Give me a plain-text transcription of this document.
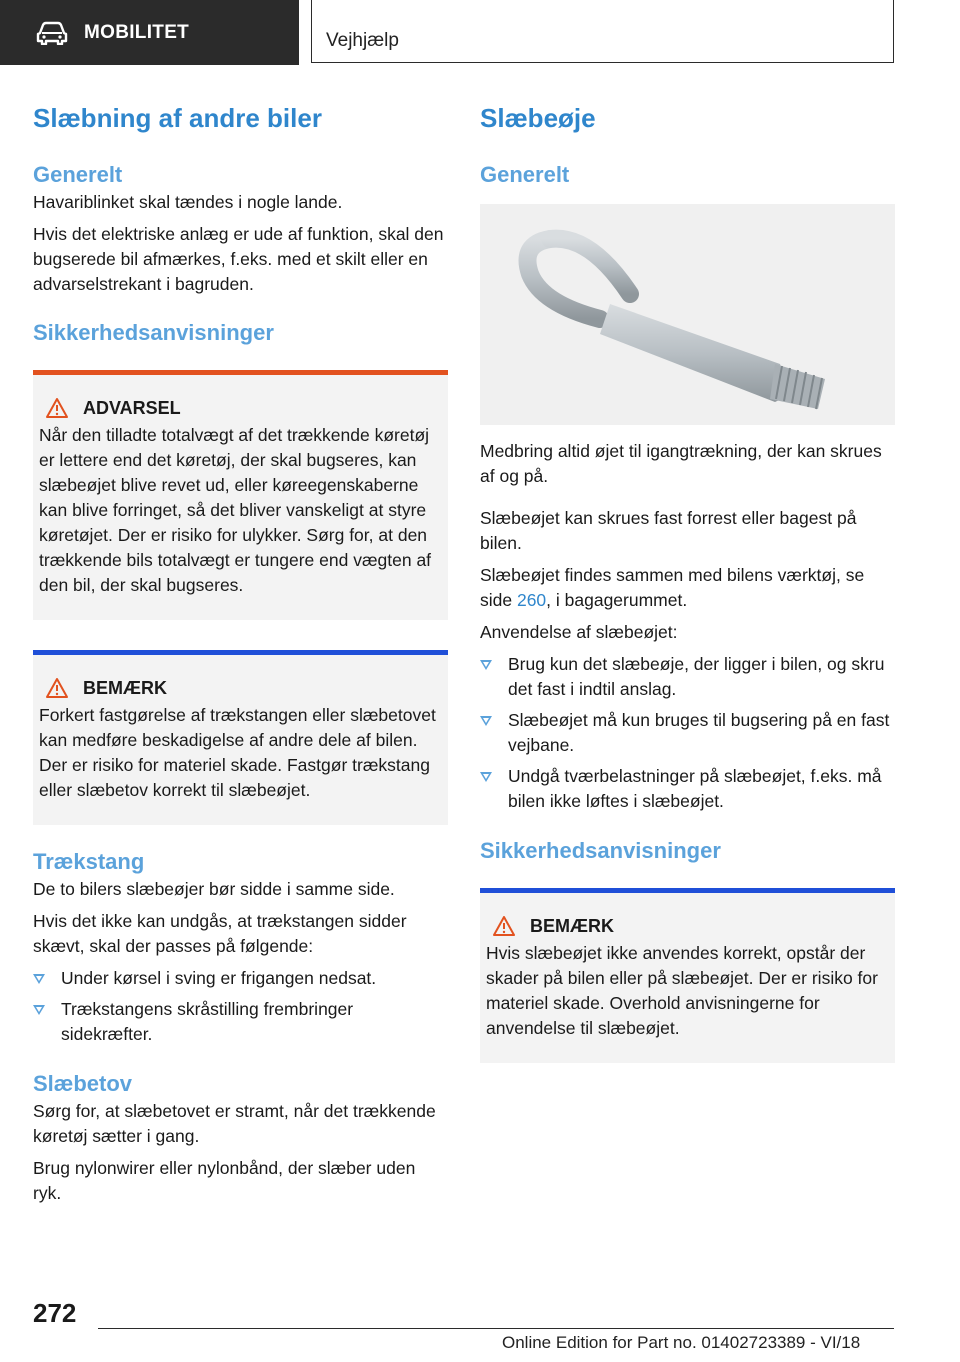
MOBILITET	Vejhjælp
Slæbning af andre biler
Generelt

Havariblinket skal tændes i nogle lande.

Hvis det elektriske anlæg er ude af funktion, skal den bugserede bil afmærkes, f.eks. med et skilt eller en advarselstrekant i bagruden.

Sikkerhedsanvisninger
ADVARSEL

Når den tilladte totalvægt af det trækkende køretøj er lettere end det køretøj, der skal bugseres, kan slæbeøjet blive revet ud, eller køreegenskaberne kan blive forringet, så det bliver vanskeligt at styre køretøjet. Der er risiko for ulykker. Sørg for, at den trækkende bils totalvægt er tungere end vægten af den bil, der skal bugseres.

BEMÆRK

Forkert fastgørelse af trækstangen eller slæbetovet kan medføre beskadigelse af andre dele af bilen. Der er risiko for materiel skade. Fastgør trækstang eller slæbetov korrekt til slæbeøjet.

Trækstang

De to bilers slæbeøjer bør sidde i samme side.

Hvis det ikke kan undgås, at trækstangen sidder skævt, skal der passes på følgende:

Under kørsel i sving er frigangen nedsat.
Trækstangens skråstilling frembringer sidekræfter.
Slæbetov

Sørg for, at slæbetovet er stramt, når det trækkende køretøj sætter i gang.

Brug nylonwirer eller nylonbånd, der slæber uden ryk.

Slæbeøje
Generelt

Medbring altid øjet til igangtrækning, der kan skrues af og på.

Slæbeøjet kan skrues fast forrest eller bagest på bilen.

Slæbeøjet findes sammen med bilens værktøj, se side 260, i bagagerummet.

Anvendelse af slæbeøjet:

Brug kun det slæbeøje, der ligger i bilen, og skru det fast i indtil anslag.
Slæbeøjet må kun bruges til bugsering på en fast vejbane.
Undgå tværbelastninger på slæbeøjet, f.eks. må bilen ikke løftes i slæbeøjet.
Sikkerhedsanvisninger
BEMÆRK

Hvis slæbeøjet ikke anvendes korrekt, opstår der skader på bilen eller på slæbeøjet. Der er risiko for materiel skade. Overhold anvisningerne for anvendelse til slæbeøjet.

272
Online Edition for Part no. 01402723389 - VI/18
